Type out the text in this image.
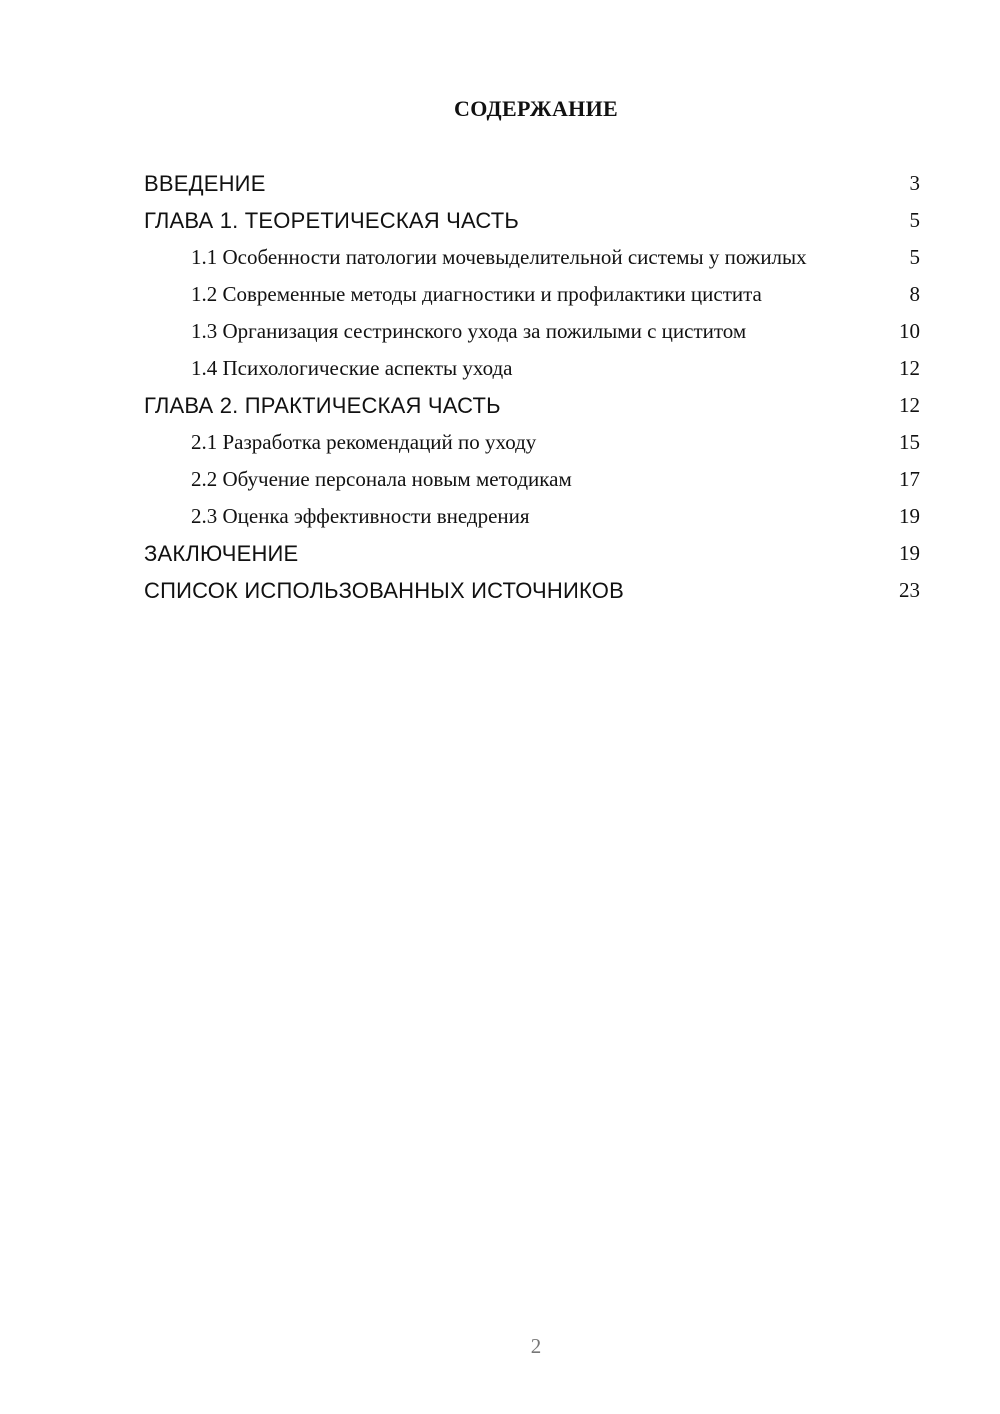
СОДЕРЖАНИЕ
ВВЕДЕНИЕ	3
ГЛАВА 1. ТЕОРЕТИЧЕСКАЯ ЧАСТЬ	5
1.1 Особенности патологии мочевыделительной системы у пожилых	5
1.2 Современные методы диагностики и профилактики цистита	8
1.3 Организация сестринского ухода за пожилыми с циститом	10
1.4 Психологические аспекты ухода	12
ГЛАВА 2. ПРАКТИЧЕСКАЯ ЧАСТЬ	12
2.1 Разработка рекомендаций по уходу	15
2.2 Обучение персонала новым методикам	17
2.3 Оценка эффективности внедрения	19
ЗАКЛЮЧЕНИЕ	19
СПИСОК ИСПОЛЬЗОВАННЫХ ИСТОЧНИКОВ	23
2
